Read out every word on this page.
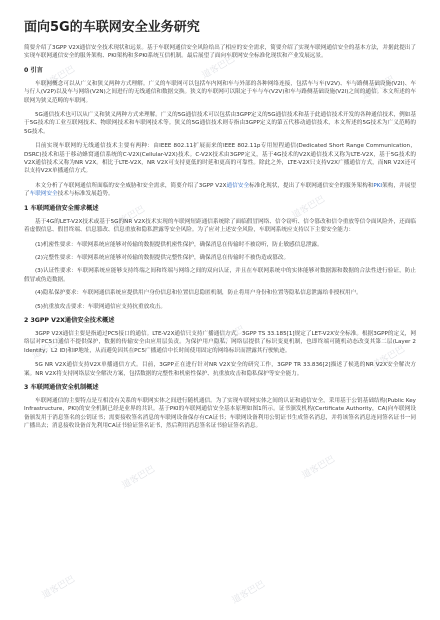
道客巴巴	道客巴巴
道客巴巴
道客巴巴	道客巴巴
道客巴巴	道客巴巴
道客巴巴
道客巴巴	道客巴巴
道客巴巴	道客巴巴
面向5G的车联网安全业务研究

简要介绍了3GPP V2X通信安全技术现状和远景。基于车联网通信安全风险给出了相应的安全需求，简要介绍了实现车联网通信安全的基本方法，并据此提出了实现车联网通信安全的服务架构、PKI架构和多PKI系统互信机制。最后展望了面向车联网安全标准化现状和产业发展远景。

0 引言

车联网概念可以从广义和狭义两种方式理解。广义的车联网可以包括车内网和车与外部的各种网络连接，包括车与车(V2V)、车与路侧基础设施(V2I)、车与行人(V2P)以及车与网络(V2N)之间进行的无线通信和数据交换。狭义的车联网可以限定于车与车(V2V)和车与路侧基础设施(V2I)之间的通信。本文所述的车联网为狭义范畴的车联网。

5G通信技术也可以从广义和狭义两种方式来理解。广义的5G通信技术可以包括由3GPP定义的5G通信技术和基于此通信技术开发的各种通信技术，例如基于5G技术的工业互联网技术、物联网技术和车联网技术等。狭义的5G通信技术则专指由3GPP定义的第五代移动通信技术，本文所述的5G技术为广义范畴的5G技术。

目前实现车联网的无线通信技术主要有两种：由IEEE 802.11扩展而来的IEEE 802.11p专用短程通信(Dedicated Short Range Communication，DSRC)技术和基于移动蜂窝通信系统的C-V2X(Cellular-V2X)技术。C-V2X技术由3GPP定义，基于4G技术的V2X通信技术又称为LTE-V2X，基于5G技术的V2X通信技术又称为NR V2X。相比于LTE-V2X，NR V2X可支持更低的时延和更高的可靠性。除此之外，LTE-V2X只支持V2X广播通信方式，而NR V2X还可以支持V2X单播通信方式。

本文分析了车联网通信所面临的安全威胁和安全需求，简要介绍了3GPP V2X通信安全标准化现状，提出了车联网通信安全的服务架构和PKI架构，并展望了车联网安全技术与标准发展趋势。

1 车联网通信安全需求概述

基于4G的LET-V2X技术或基于5G的NR V2X技术实现的车联网短距通信系统除了面临假冒网络、信令窃听、信令篡改和信令重放等信令面风险外，还面临着虚假信息、假冒终端、信息篡改、信息重放和隐私泄露等安全风险。为了应对上述安全风险，车联网系统应支持以下主要安全能力：

(1)机密性要求：车联网系统应能够对传输的数据提供机密性保护，确保消息在传输时不被窃听，防止敏感信息泄露。

(2)完整性要求：车联网系统应能够对传输的数据提供完整性保护，确保消息在传输时不被伪造或篡改。

(3)认证性要求：车联网系统应能够支持终端之间和终端与网络之间的双向认证，并且在车联网系统中的实体能够对数据源和数据的合法性进行验证，防止假冒或伪造数据。

(4)隐私保护要求：车联网通信系统应提供用户身份信息和位置信息隐匿机制，防止将用户身份和位置等隐私信息泄露给非授权用户。

(5)抗重放攻击要求：车联网通信应支持抗重放攻击。

2 3GPP V2X通信安全技术概述

3GPP V2X通信主要是指通过PC5接口的通信。LTE-V2X通信只支持广播通信方式。3GPP TS 33.185[1]规定了LET-V2X安全标准。根据3GPP的定义，网络层对PC5口通信不提供保护，数据的传输安全由应用层负责。为保护用户隐私，网络层提供了标识变更机制，也即终端可随机动态改变其第二层(Layer 2 Identity，L2 ID)和IP地址，从而避免因其在PC5广播通信中长时间使用固定的网络标识而泄露其行驶轨迹。

5G NR V2X通信支持V2X单播通信方式。目前，3GPP正在进行针对NR V2X安全的研究工作，3GPP TR 33.836[2]描述了候选的NR V2X安全解决方案。NR V2X将支持网络层安全解决方案，包括数据的完整性和机密性保护、抗重放攻击和隐私保护等安全能力。

3 车联网通信安全机制概述

车联网通信的主要特点是互相没有关系的车联网实体之间进行随机通信。为了实现车联网实体之间的认证和通信安全，采用基于公钥基础结构(Public Key Infrastructure，PKI)的安全机制已经是业界的共识。基于PKI的车联网通信安全基本原理如图1所示。证书颁发机构(Certificate Authority，CA)向车联网设备颁发用于消息签名的公钥证书；需要接收签名消息的车联网设备保存有CA证书；车联网设备利用公钥证书生成签名消息，并将该签名消息连同签名证书一同广播出去；消息接收设备首先利用CA证书验证签名证书，然后利用消息签名证书验证签名消息。
